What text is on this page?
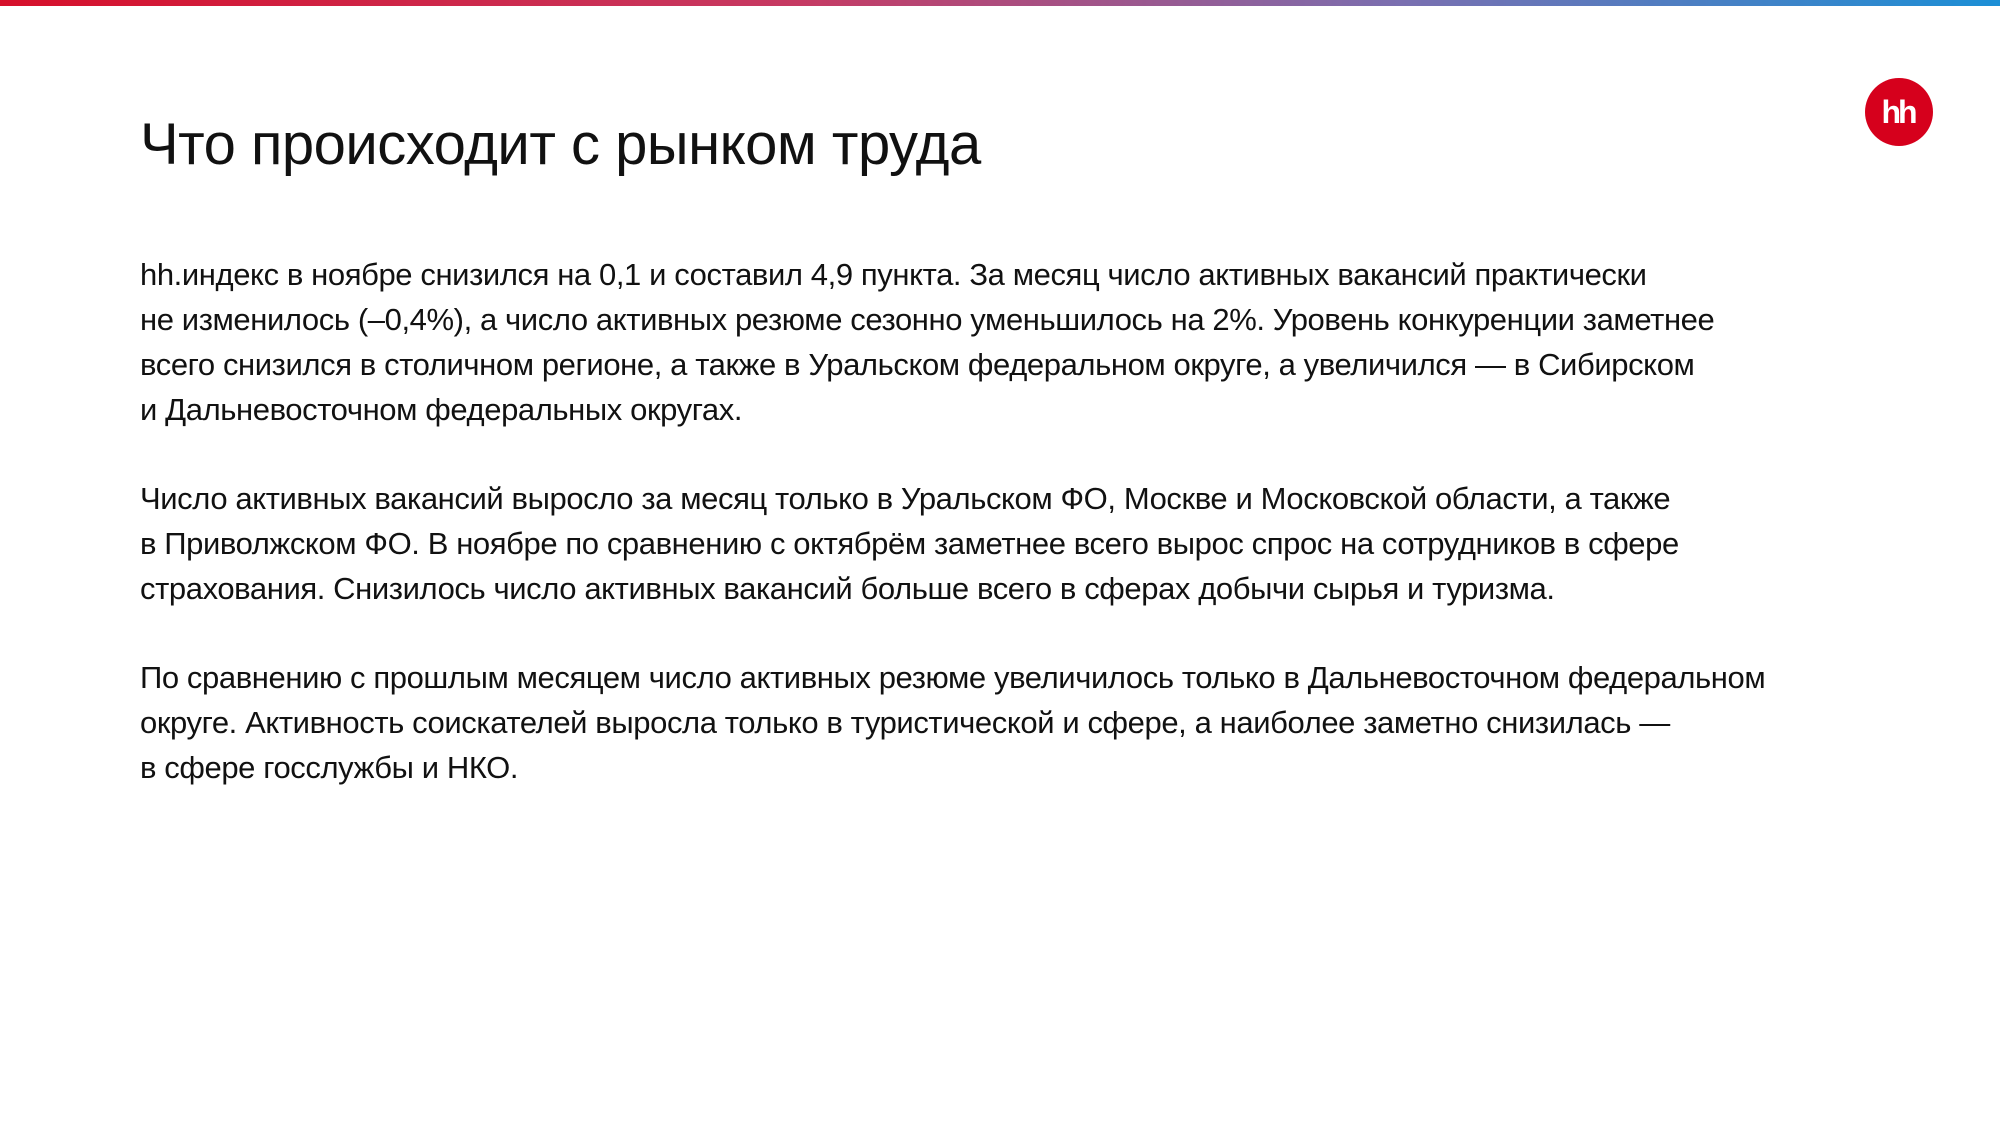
hh
Что происходит с рынком труда

hh.индекс в ноябре снизился на 0,1 и составил 4,9 пункта. За месяц число активных вакансий практически
не изменилось (–0,4%), а число активных резюме сезонно уменьшилось на 2%. Уровень конкуренции заметнее
всего снизился в столичном регионе, а также в Уральском федеральном округе, а увеличился — в Сибирском
и Дальневосточном федеральных округах.

Число активных вакансий выросло за месяц только в Уральском ФО, Москве и Московской области, а также
в Приволжском ФО. В ноябре по сравнению с октябрём заметнее всего вырос спрос на сотрудников в сфере
страхования. Снизилось число активных вакансий больше всего в сферах добычи сырья и туризма.

По сравнению с прошлым месяцем число активных резюме увеличилось только в Дальневосточном федеральном
округе. Активность соискателей выросла только в туристической и сфере, а наиболее заметно снизилась —
в сфере госслужбы и НКО.
